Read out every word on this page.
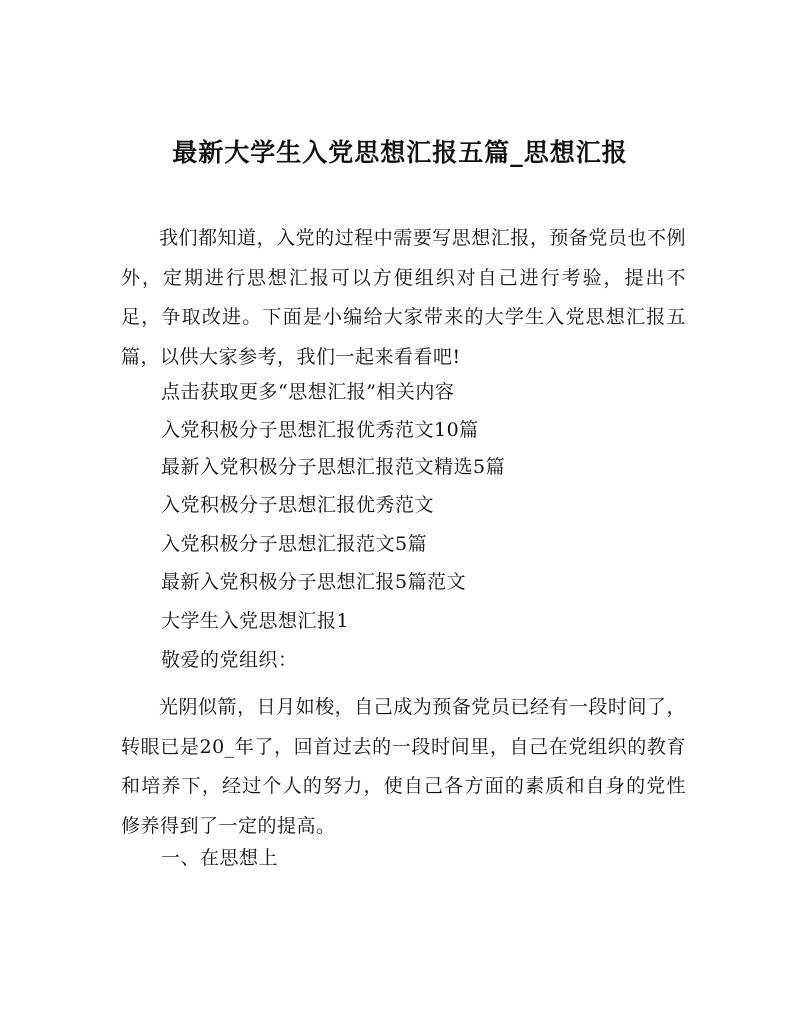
最新大学生入党思想汇报五篇_思想汇报
我们都知道，入党的过程中需要写思想汇报，预备党员也不例外，定期进行思想汇报可以方便组织对自己进行考验，提出不足，争取改进。下面是小编给大家带来的大学生入党思想汇报五篇，以供大家参考，我们一起来看看吧!
点击获取更多“思想汇报”相关内容
入党积极分子思想汇报优秀范文10篇
最新入党积极分子思想汇报范文精选5篇
入党积极分子思想汇报优秀范文
入党积极分子思想汇报范文5篇
最新入党积极分子思想汇报5篇范文
大学生入党思想汇报1
敬爱的党组织：
光阴似箭，日月如梭，自己成为预备党员已经有一段时间了，转眼已是20_年了，回首过去的一段时间里，自己在党组织的教育和培养下，经过个人的努力，使自己各方面的素质和自身的党性修养得到了一定的提高。
一、在思想上
